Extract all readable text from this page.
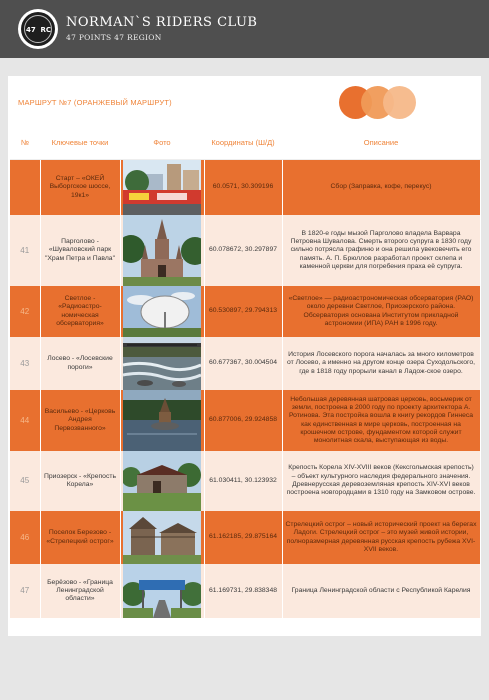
47 RC NORMAN`S RIDERS CLUB
47 POINTS 47 REGION
МАРШРУТ №7 (ОРАНЖЕВЫЙ МАРШРУТ)
№	Ключевые точки	Фото	Координаты (Ш/Д)	Описание
	Старт – «ОКЕЙ Выборгское шоссе, 19к1»		60.0571, 30.309196	Сбор (Заправка, кофе, перекус)
41	Парголово - «Шуваловский парк "Храм Петра и Павла"		60.078672, 30.297897	В 1820-е годы мызой Парголово владела Варвара Петровна Шувалова. Смерть второго супруга в 1830 году сильно потрясла графиню и она решила увековечить его память. А. П. Брюллов разработал проект склепа и каменной церкви для погребения праха её супруга.
42	Светлое - «Радиоастро-номическая обсерватория»		60.530897, 29.794313	«Светлое» — радиоастрономическая обсерватория (РАО) около деревни Светлое, Приозерского района. Обсерватория основана Институтом прикладной астрономии (ИПА) РАН в 1996 году.
43	Лосево - «Лосевские пороги»		60.677367, 30.004504	История Лосевского порога началась за много километров от Лосево, а именно на другом конце озера Суходольского, где в 1818 году прорыли канал в Ладож-ское озеро.
44	Васильево - «Церковь Андрея Первозванного»		60.877006, 29.924858	Небольшая деревянная шатровая церковь, восьмерик от земли, построена в 2000 году по проекту архитектора А. Ротинова. Эта постройка вошла в книгу рекордов Гиннеса как единственная в мире церковь, построенная на крошечном острове, фундаментом которой служит монолитная скала, выступающая из воды.
45	Приозерск - «Крепость Корела»		61.030411, 30.123932	Крепость Корела XIV-XVIII веков (Кексгольмская крепость) – объект культурного наследия федерального значения. Древнерусская деревоземляная крепость XIV-XVI веков построена новгородцами в 1310 году на Замковом острове.
46	Поселок Березово - «Стрелецкий острог»		61.162185, 29.875164	Стрелецкий острог – новый исторический проект на берегах Ладоги. Стрелецкий острог – это музей живой истории, полноразмерная деревянная русская крепость рубежа XVI-XVII веков.
47	Берёзово - «Граница Ленинградской области»		61.169731, 29.838348	Граница Ленинградской области с Республикой Карелия
